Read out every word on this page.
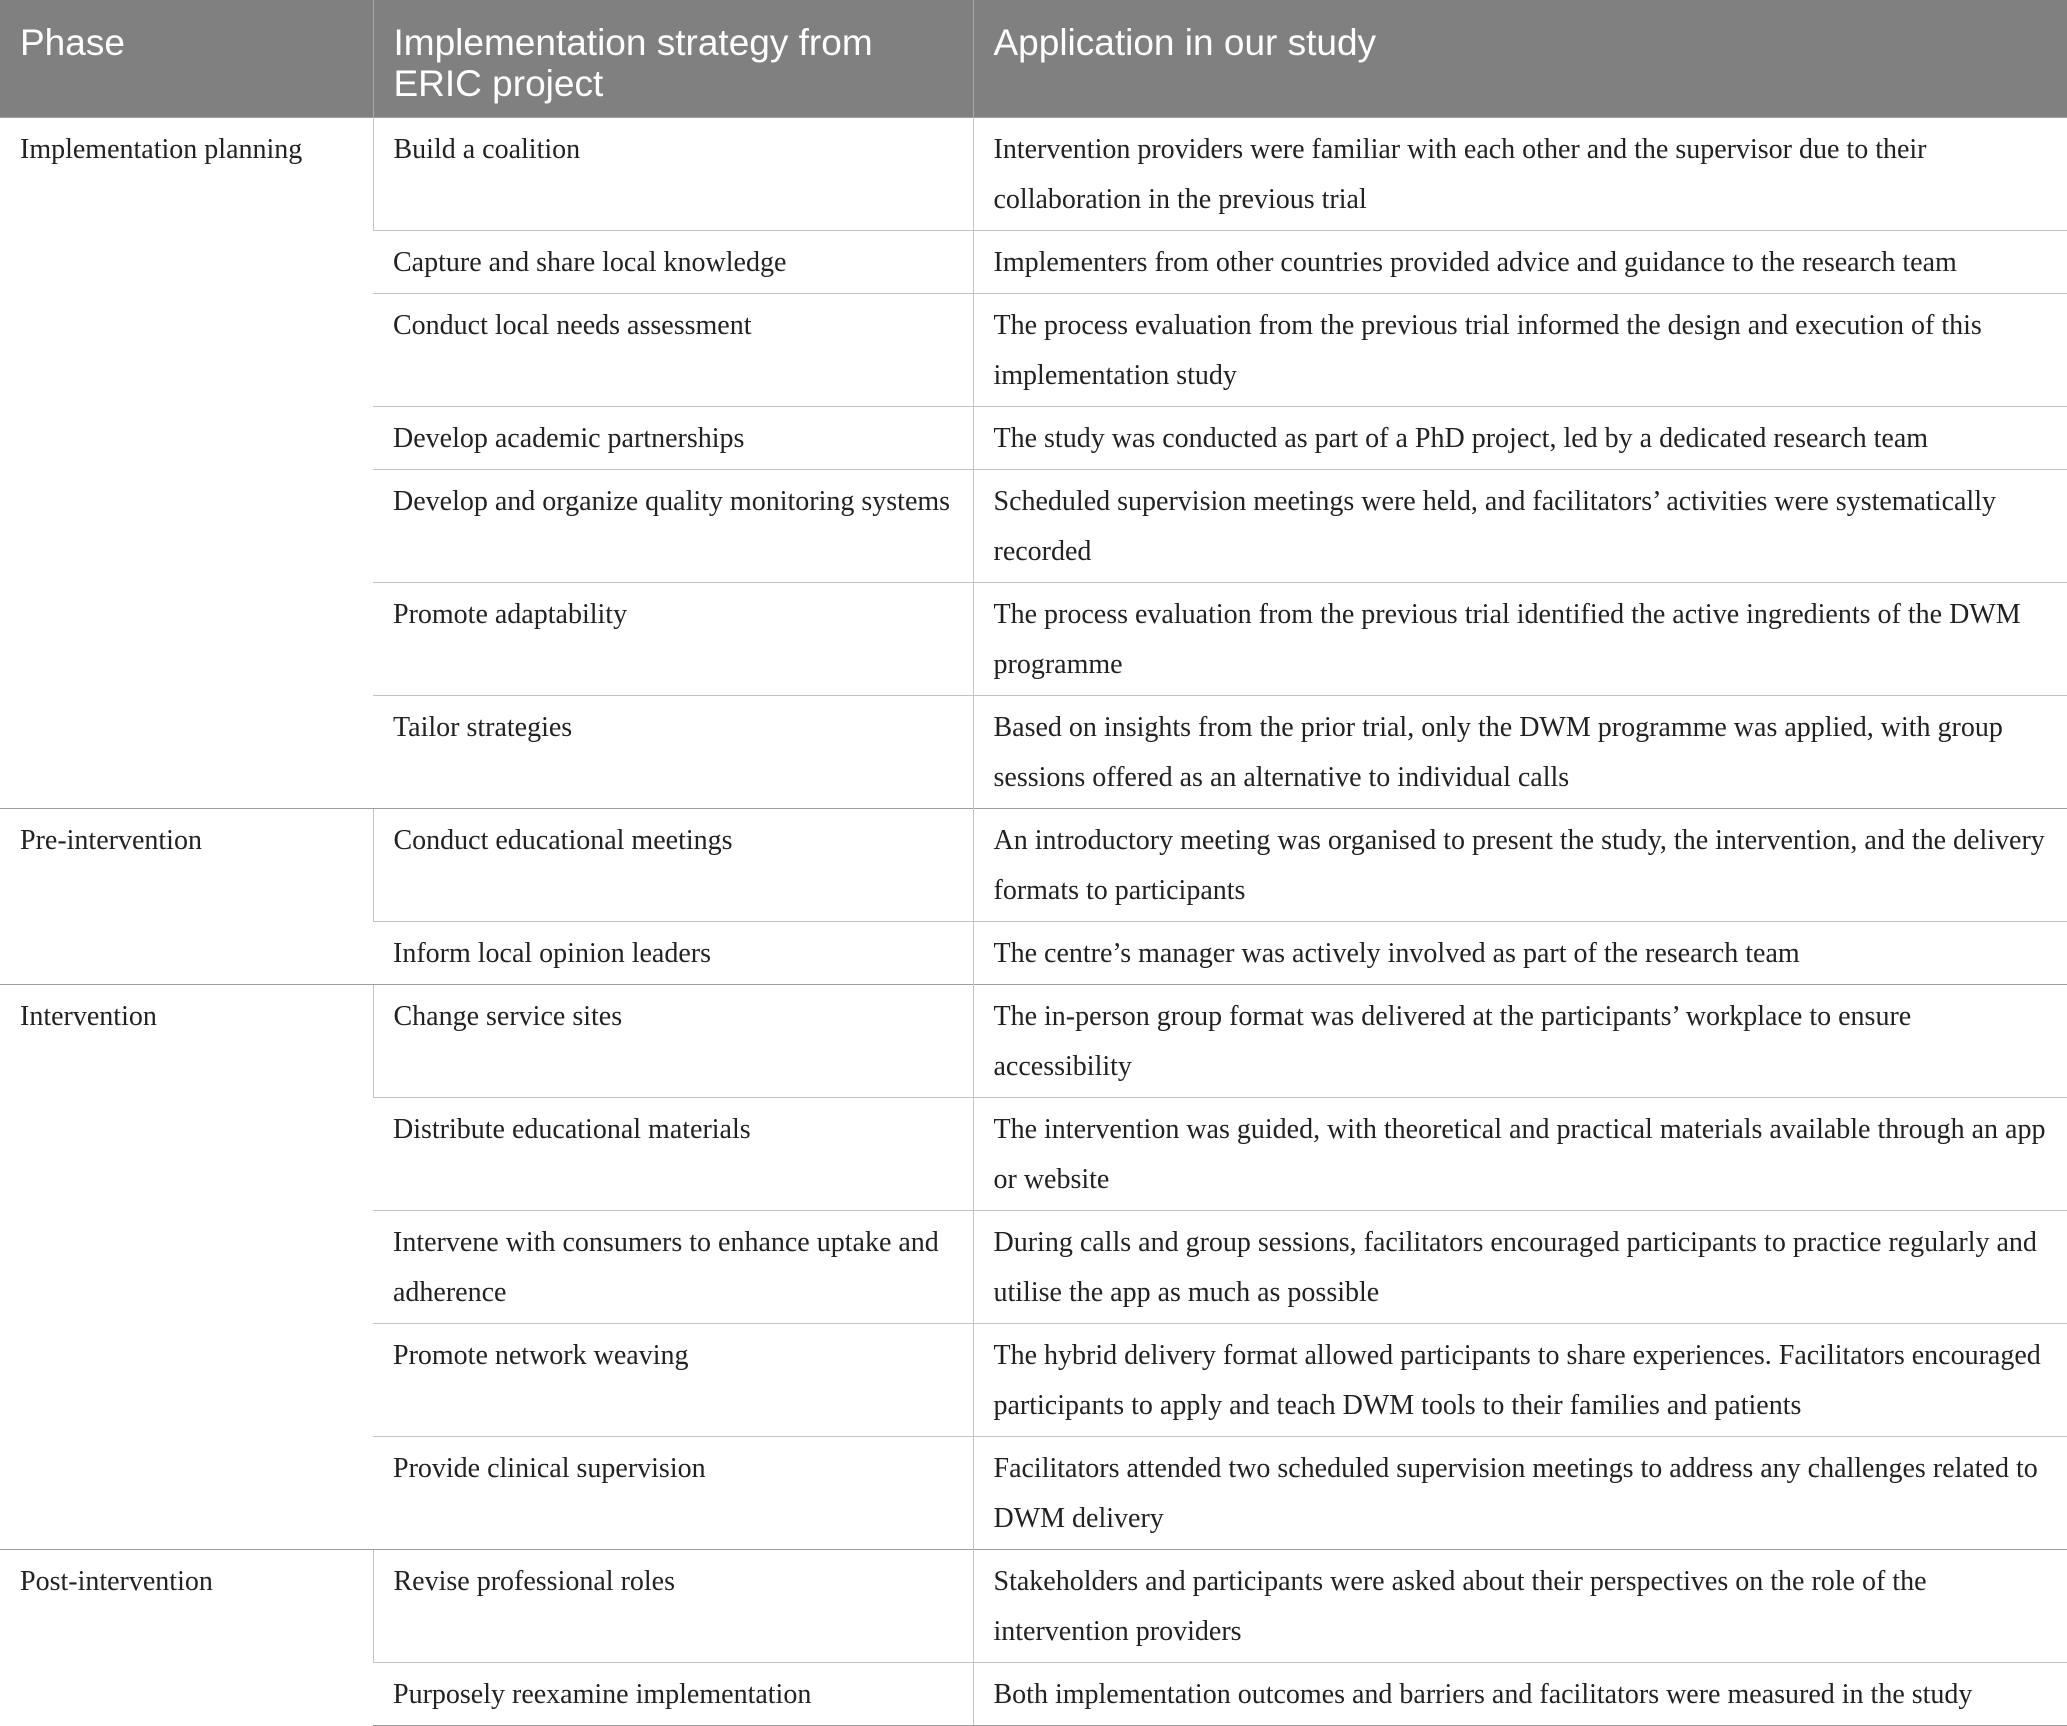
Phase	Implementation strategy from ERIC project	Application in our study
Implementation planning	Build a coalition	Intervention providers were familiar with each other and the supervisor due to their collaboration in the previous trial
	Capture and share local knowledge	Implementers from other countries provided advice and guidance to the research team
	Conduct local needs assessment	The process evaluation from the previous trial informed the design and execution of this implementation study
	Develop academic partnerships	The study was conducted as part of a PhD project, led by a dedicated research team
	Develop and organize quality monitoring systems	Scheduled supervision meetings were held, and facilitators’ activities were systematically recorded
	Promote adaptability	The process evaluation from the previous trial identified the active ingredients of the DWM programme
	Tailor strategies	Based on insights from the prior trial, only the DWM programme was applied, with group sessions offered as an alternative to individual calls
Pre-intervention	Conduct educational meetings	An introductory meeting was organised to present the study, the intervention, and the delivery formats to participants
	Inform local opinion leaders	The centre’s manager was actively involved as part of the research team
Intervention	Change service sites	The in-person group format was delivered at the participants’ workplace to ensure accessibility
	Distribute educational materials	The intervention was guided, with theoretical and practical materials available through an app or website
	Intervene with consumers to enhance uptake and adherence	During calls and group sessions, facilitators encouraged participants to practice regularly and utilise the app as much as possible
	Promote network weaving	The hybrid delivery format allowed participants to share experiences. Facilitators encouraged participants to apply and teach DWM tools to their families and patients
	Provide clinical supervision	Facilitators attended two scheduled supervision meetings to address any challenges related to DWM delivery
Post-intervention	Revise professional roles	Stakeholders and participants were asked about their perspectives on the role of the intervention providers
	Purposely reexamine implementation	Both implementation outcomes and barriers and facilitators were measured in the study
